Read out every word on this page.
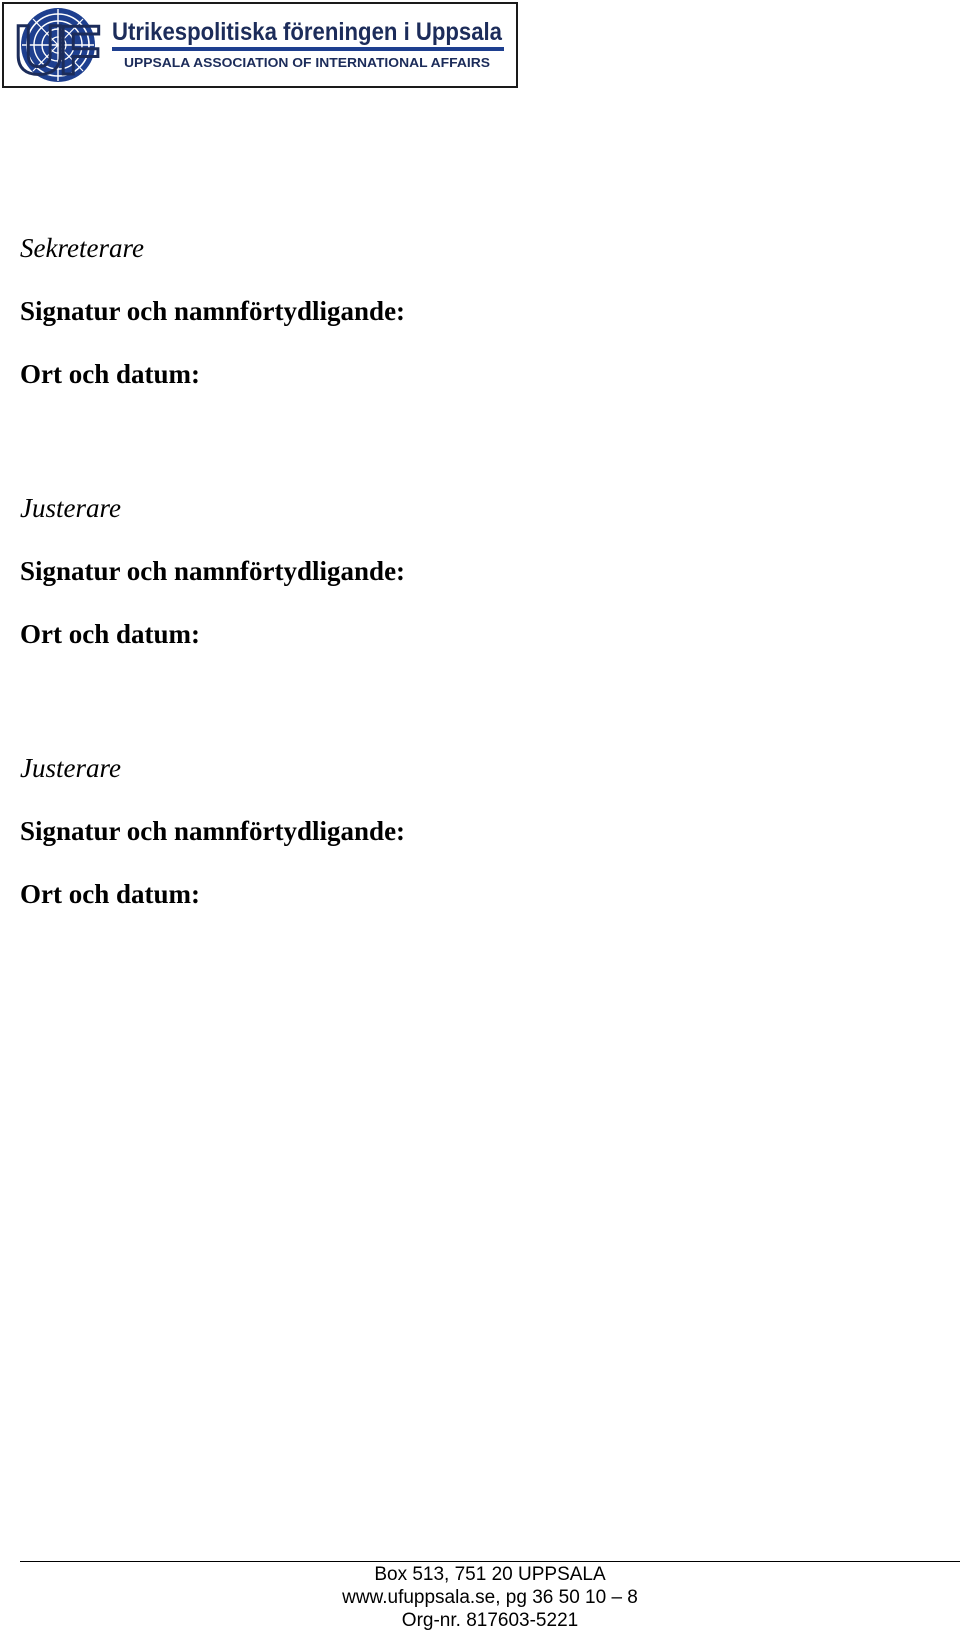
UF Utrikespolitiska föreningen i Uppsala
UPPSALA ASSOCIATION OF INTERNATIONAL AFFAIRS
Sekreterare
Signatur och namnförtydligande:
Ort och datum:
Justerare
Signatur och namnförtydligande:
Ort och datum:
Justerare
Signatur och namnförtydligande:
Ort och datum:
Box 513, 751 20 UPPSALA
www.ufuppsala.se, pg 36 50 10 – 8
Org-nr. 817603-5221
